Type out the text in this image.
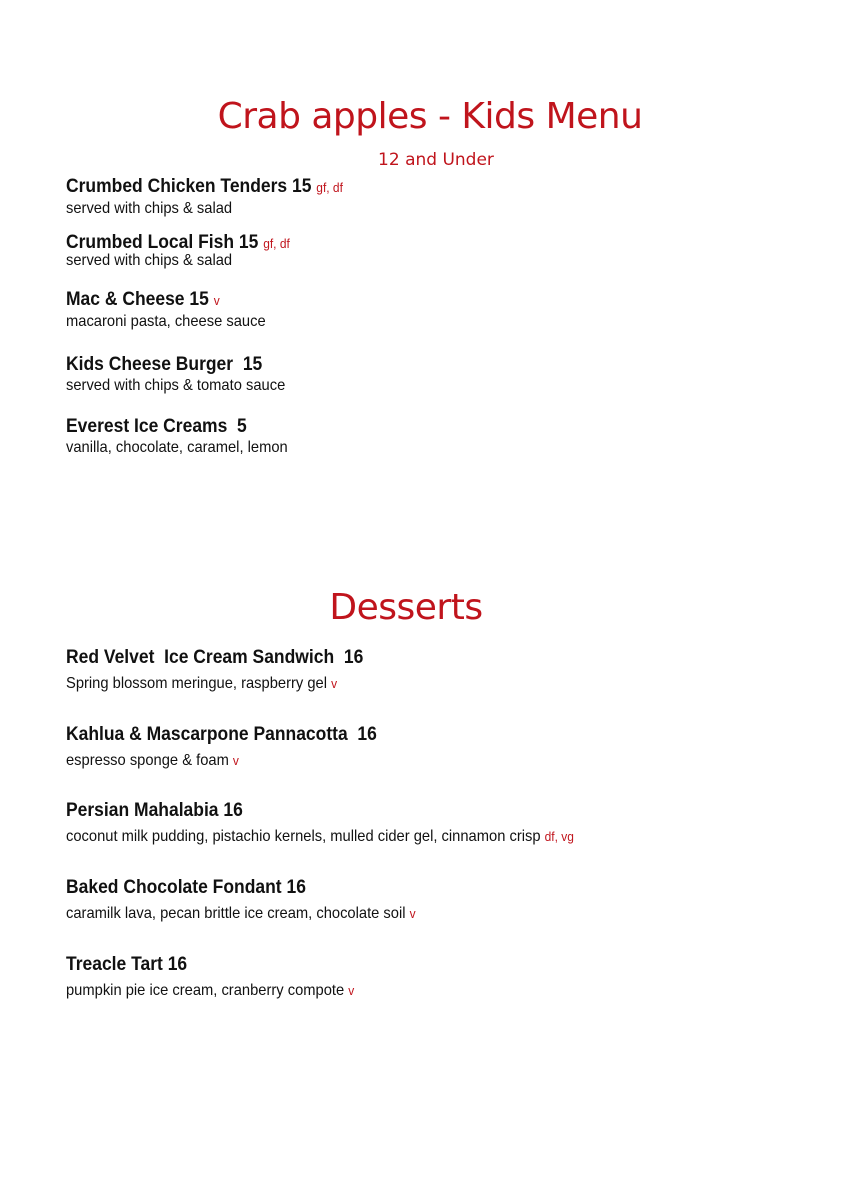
Crab apples - Kids Menu
12 and Under
Crumbed Chicken Tenders 15 gf, df
served with chips & salad
Crumbed Local Fish 15 gf, df
served with chips & salad
Mac & Cheese 15 v
macaroni pasta, cheese sauce
Kids Cheese Burger  15
served with chips & tomato sauce
Everest Ice Creams  5
vanilla, chocolate, caramel, lemon
Desserts
Red Velvet  Ice Cream Sandwich  16
Spring blossom meringue, raspberry gel v
Kahlua & Mascarpone Pannacotta  16
espresso sponge & foam v
Persian Mahalabia 16
coconut milk pudding, pistachio kernels, mulled cider gel, cinnamon crisp df, vg
Baked Chocolate Fondant 16
caramilk lava, pecan brittle ice cream, chocolate soil v
Treacle Tart 16
pumpkin pie ice cream, cranberry compote v
